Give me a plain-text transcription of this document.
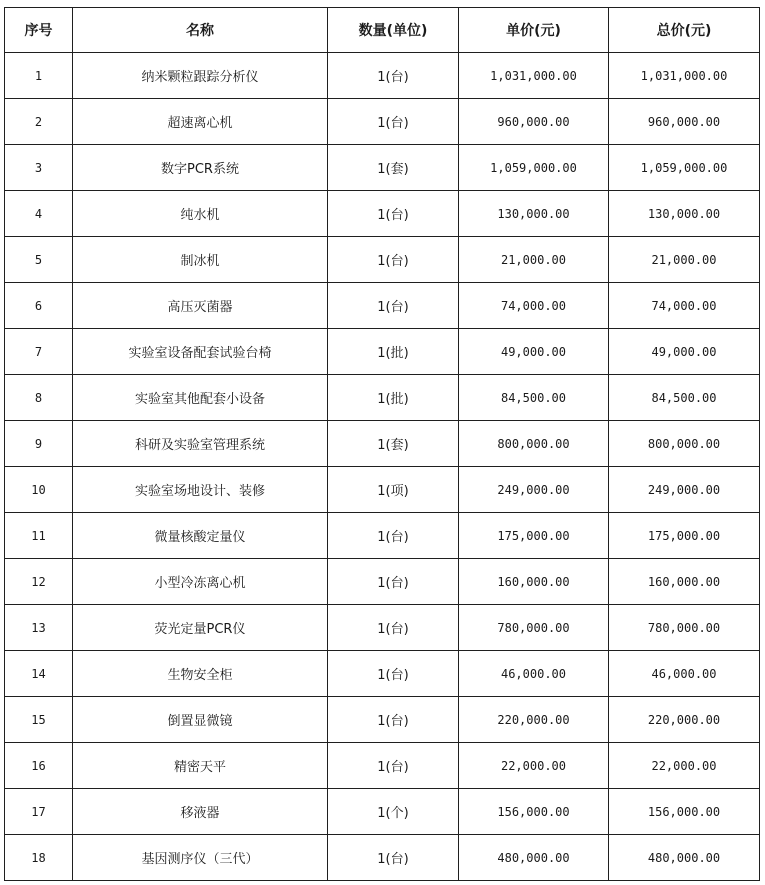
序号	名称	数量(单位)	单价(元)	总价(元)
1	纳米颗粒跟踪分析仪	1(台)	1,031,000.00	1,031,000.00
2	超速离心机	1(台)	960,000.00	960,000.00
3	数字PCR系统	1(套)	1,059,000.00	1,059,000.00
4	纯水机	1(台)	130,000.00	130,000.00
5	制冰机	1(台)	21,000.00	21,000.00
6	高压灭菌器	1(台)	74,000.00	74,000.00
7	实验室设备配套试验台椅	1(批)	49,000.00	49,000.00
8	实验室其他配套小设备	1(批)	84,500.00	84,500.00
9	科研及实验室管理系统	1(套)	800,000.00	800,000.00
10	实验室场地设计、装修	1(项)	249,000.00	249,000.00
11	微量核酸定量仪	1(台)	175,000.00	175,000.00
12	小型冷冻离心机	1(台)	160,000.00	160,000.00
13	荧光定量PCR仪	1(台)	780,000.00	780,000.00
14	生物安全柜	1(台)	46,000.00	46,000.00
15	倒置显微镜	1(台)	220,000.00	220,000.00
16	精密天平	1(台)	22,000.00	22,000.00
17	移液器	1(个)	156,000.00	156,000.00
18	基因测序仪（三代）	1(台)	480,000.00	480,000.00
